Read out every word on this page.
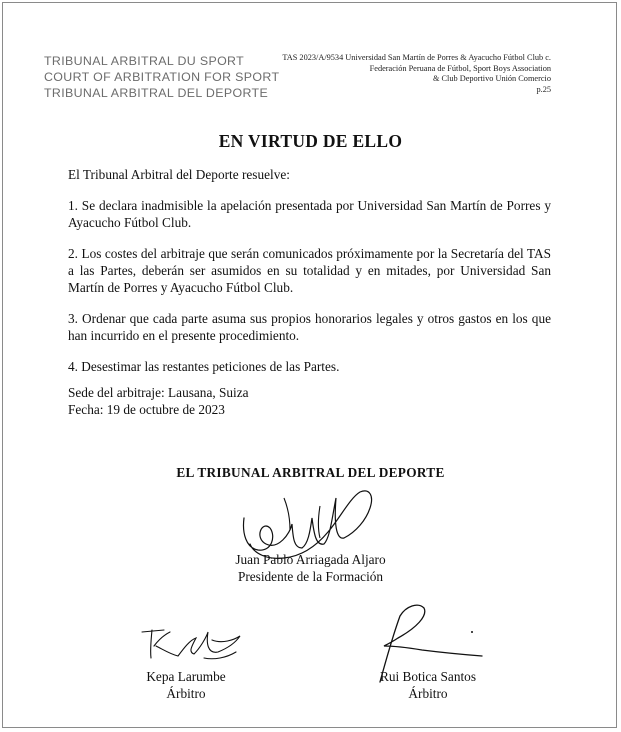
TRIBUNAL ARBITRAL DU SPORT
COURT OF ARBITRATION FOR SPORT
TRIBUNAL ARBITRAL DEL DEPORTE
TAS 2023/A/9534 Universidad San Martín de Porres & Ayacucho Fútbol Club c.
Federación Peruana de Fútbol, Sport Boys Association
& Club Deportivo Unión Comercio
p.25
EN VIRTUD DE ELLO

El Tribunal Arbitral del Deporte resuelve:

1. Se declara inadmisible la apelación presentada por Universidad San Martín de Porres y Ayacucho Fútbol Club.

2. Los costes del arbitraje que serán comunicados próximamente por la Secretaría del TAS a las Partes, deberán ser asumidos en su totalidad y en mitades, por Universidad San Martín de Porres y Ayacucho Fútbol Club.

3. Ordenar que cada parte asuma sus propios honorarios legales y otros gastos en los que han incurrido en el presente procedimiento.

4. Desestimar las restantes peticiones de las Partes.

Sede del arbitraje: Lausana, Suiza
Fecha: 19 de octubre de 2023
EL TRIBUNAL ARBITRAL DEL DEPORTE
Juan Pablo Arriagada Aljaro
Presidente de la Formación
Kepa Larumbe
Árbitro
Rui Botica Santos
Árbitro
